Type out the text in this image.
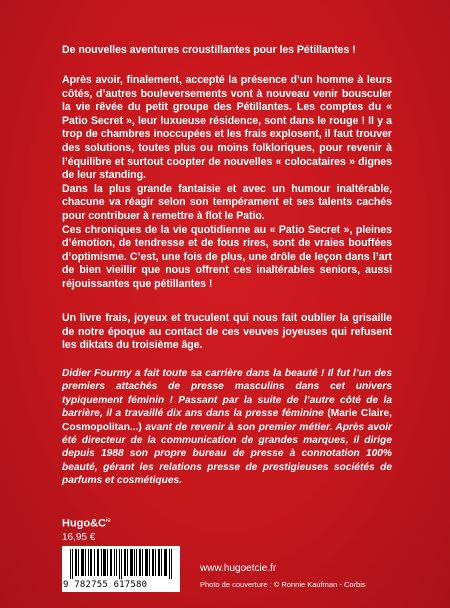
De nouvelles aventures croustillantes pour les Pétillantes !

Après avoir, finalement, accepté la présence d’un homme à leurs côtés, d’autres bouleversements vont à nouveau venir bousculer la vie rêvée du petit groupe des Pétillantes. Les comptes du « Patio Secret », leur luxueuse résidence, sont dans le rouge ! Il y a trop de chambres inoccupées et les frais explosent, il faut trouver des solutions, toutes plus ou moins folkloriques, pour revenir à l’équilibre et surtout coopter de nouvelles « colocataires » dignes de leur standing.

Dans la plus grande fantaisie et avec un humour inaltérable, chacune va réagir selon son tempérament et ses talents cachés pour contribuer à remettre à flot le Patio.

Ces chroniques de la vie quotidienne au « Patio Secret », pleines d’émotion, de tendresse et de fous rires, sont de vraies bouffées d’optimisme. C’est, une fois de plus, une drôle de leçon dans l’art de bien vieillir que nous offrent ces inaltérables seniors, aussi réjouissantes que pétillantes !

Un livre frais, joyeux et truculent qui nous fait oublier la grisaille de notre époque au contact de ces veuves joyeuses qui refusent les diktats du troisième âge.
Didier Fourmy a fait toute sa carrière dans la beauté ! Il fut l’un des premiers attachés de presse masculins dans cet univers typiquement féminin ! Passant par la suite de l’autre côté de la barrière, il a travaillé dix ans dans la presse féminine (Marie Claire, Cosmopolitan...) avant de revenir à son premier métier. Après avoir été directeur de la communication de grandes marques, il dirige depuis 1988 son propre bureau de presse à connotation 100% beauté, gérant les relations presse de prestigieuses sociétés de parfums et cosmétiques.
$Hugo\&C^{ie}$
16,95 €
9 782755 617580
www.hugoetcie.fr
Photo de couverture : © Ronnie Kaufman - Corbis
